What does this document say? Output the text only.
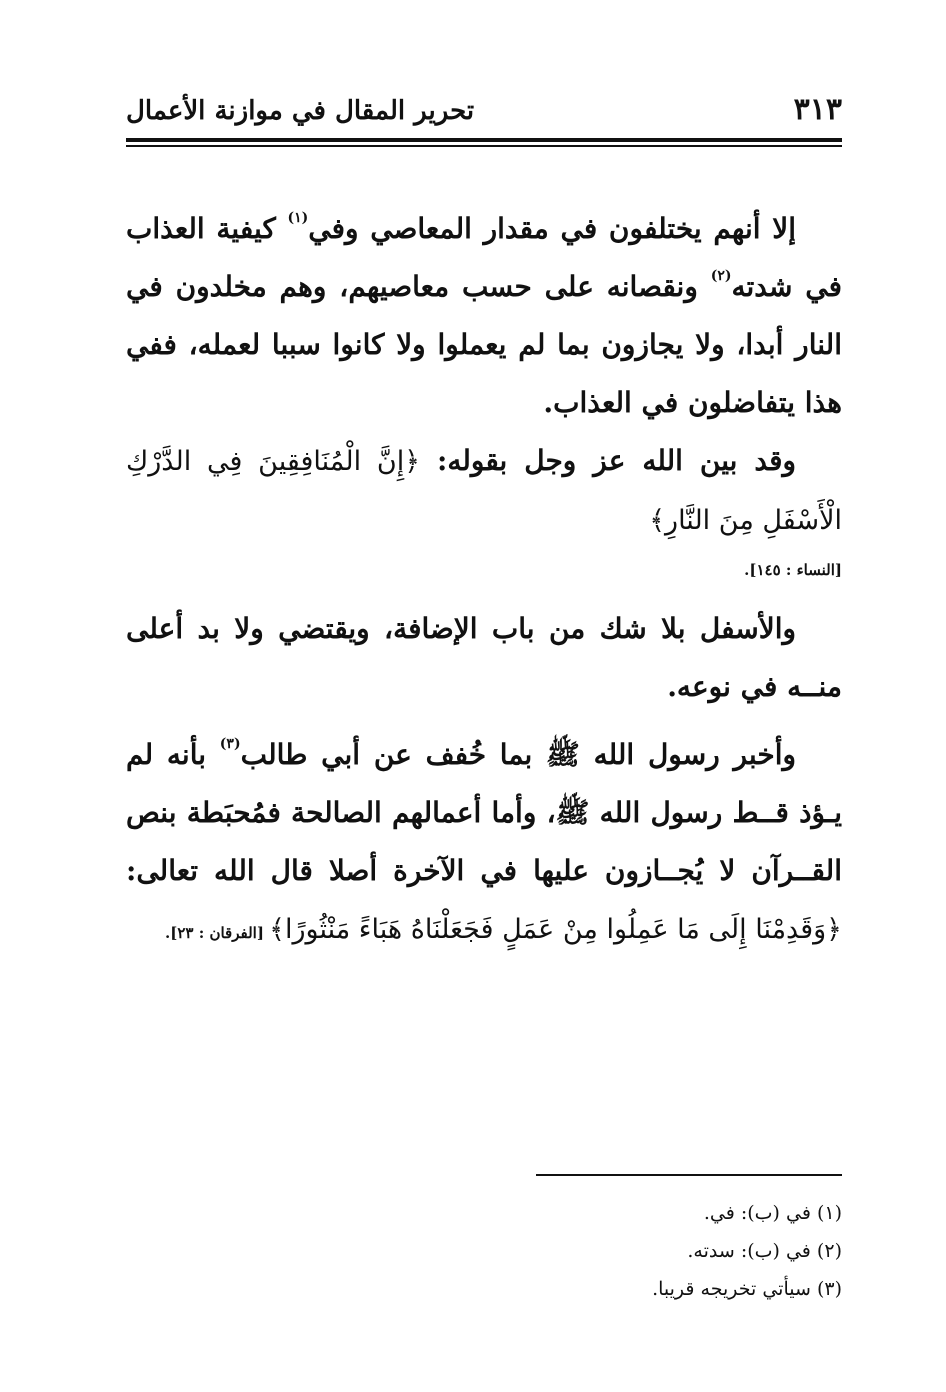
٣١٣
تحرير المقال في موازنة الأعمال

إلا أنهم يختلفون في مقدار المعاصي وفي$^{(١)}$ كيفية العذاب في شدته$^{(٢)}$ ونقصانه على حسب معاصيهم، وهم مخلدون في النار أبدا، ولا يجازون بما لم يعملوا ولا كانوا سببا لعمله، ففي هذا يتفاضلون في العذاب.

وقد بين الله عز وجل بقوله: ﴿إِنَّ الْمُنَافِقِينَ فِي الدَّرْكِ الْأَسْفَلِ مِنَ النَّارِ﴾
[النساء : ١٤٥].

والأسفل بلا شك من باب الإضافة، ويقتضي ولا بد أعلى منــه في نوعه.

وأخبر رسول الله ﷺ بما خُفف عن أبي طالب$^{(٣)}$ بأنه لم يـؤذ قــط رسول الله ﷺ، وأما أعمالهم الصالحة فمُحبَطة بنص القــرآن لا يُجــازون عليها في الآخرة أصلا قال الله تعالى: ﴿وَقَدِمْنَا إِلَى مَا عَمِلُوا مِنْ عَمَلٍ فَجَعَلْنَاهُ هَبَاءً مَنْثُورًا﴾ [الفرقان : ٢٣].

(١) في (ب): في.

(٢) في (ب): سدته.

(٣) سيأتي تخريجه قريبا.
